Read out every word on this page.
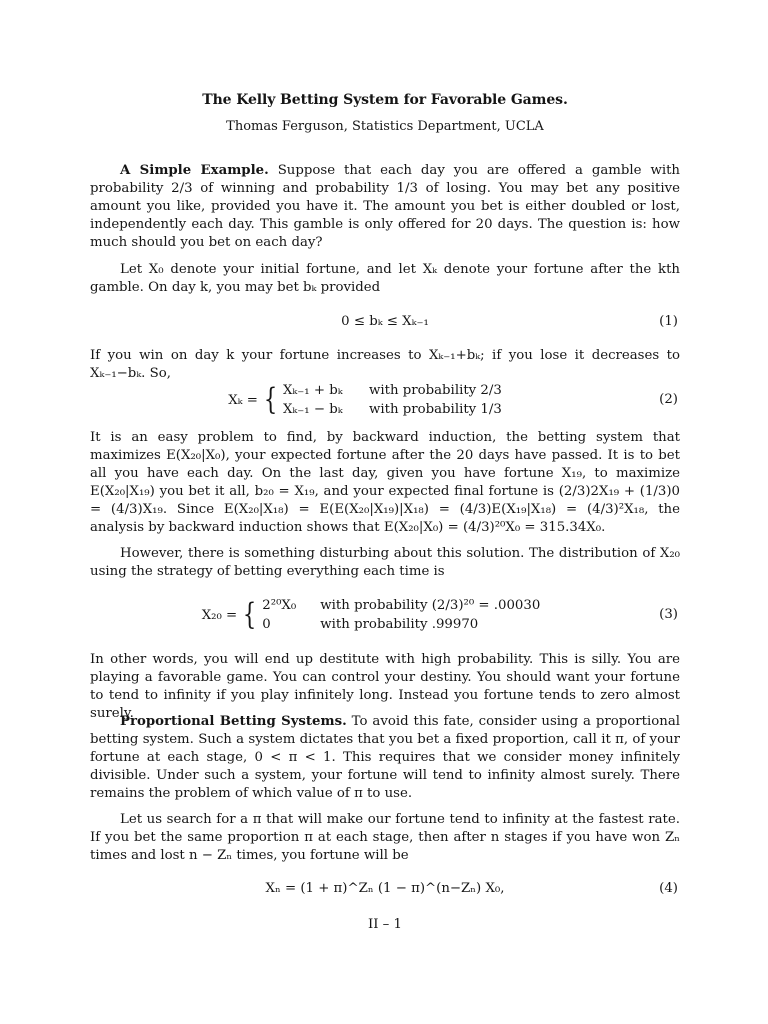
The Kelly Betting System for Favorable Games.
Thomas Ferguson, Statistics Department, UCLA

A Simple Example. Suppose that each day you are offered a gamble with probability 2/3 of winning and probability 1/3 of losing. You may bet any positive amount you like, provided you have it. The amount you bet is either doubled or lost, independently each day. This gamble is only offered for 20 days. The question is: how much should you bet on each day?

Let X₀ denote your initial fortune, and let Xₖ denote your fortune after the kth gamble. On day k, you may bet bₖ provided

0 ≤ bₖ ≤ Xₖ₋₁	(1)

If you win on day k your fortune increases to Xₖ₋₁+bₖ; if you lose it decreases to Xₖ₋₁−bₖ. So,

Xₖ = { Xₖ₋₁ + bₖ with probability 2/3
Xₖ₋₁ − bₖ with probability 1/3
(2)

It is an easy problem to find, by backward induction, the betting system that maximizes E(X₂₀|X₀), your expected fortune after the 20 days have passed. It is to bet all you have each day. On the last day, given you have fortune X₁₉, to maximize E(X₂₀|X₁₉) you bet it all, b₂₀ = X₁₉, and your expected final fortune is (2/3)2X₁₉ + (1/3)0 = (4/3)X₁₉. Since E(X₂₀|X₁₈) = E(E(X₂₀|X₁₉)|X₁₈) = (4/3)E(X₁₉|X₁₈) = (4/3)²X₁₈, the analysis by backward induction shows that E(X₂₀|X₀) = (4/3)²⁰X₀ = 315.34X₀.

However, there is something disturbing about this solution. The distribution of X₂₀ using the strategy of betting everything each time is

X₂₀ = { 2²⁰X₀ with probability (2/3)²⁰ = .00030
0	with probability .99970
(3)

In other words, you will end up destitute with high probability. This is silly. You are playing a favorable game. You can control your destiny. You should want your fortune to tend to infinity if you play infinitely long. Instead you fortune tends to zero almost surely.

Proportional Betting Systems. To avoid this fate, consider using a proportional betting system. Such a system dictates that you bet a fixed proportion, call it π, of your fortune at each stage, 0 < π < 1. This requires that we consider money infinitely divisible. Under such a system, your fortune will tend to infinity almost surely. There remains the problem of which value of π to use.

Let us search for a π that will make our fortune tend to infinity at the fastest rate. If you bet the same proportion π at each stage, then after n stages if you have won Zₙ times and lost n − Zₙ times, you fortune will be

Xₙ = (1 + π)^Zₙ (1 − π)^(n−Zₙ) X₀,	(4)
II – 1
